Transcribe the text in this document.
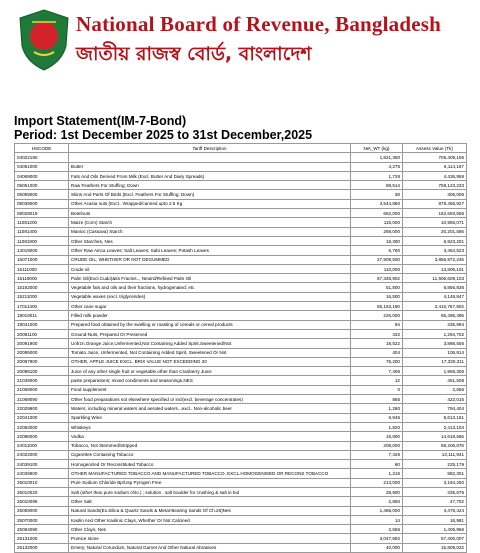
National Board of Revenue, Bangladesh
জাতীয় রাজস্ব বোর্ড, বাংলাদেশ
Import Statement(IM-7-Bond)
Period: 1st December 2025 to 31st December,2025
HSCODE	Tariff Description	Net_WT (kg)	Assess Value (Tk)
04022190		1,821,350	706,409,106
04051000	Butter	4,275	6,114,167
04069000	Fats And Oils Derived From Milk (Excl. Butter And Dairy Spreads)	1,728	4,436,958
05051000	Raw Feathers For Stuffing; Down	88,514	758,123,233
05059000	Skins And Parts Of Birds (Excl. Feathers For Stuffing; Down)	38	306,006
08039000	Other Acasia nuts (Excl.. Wrapped/canned upto 2.5 Kg	3,544,860	875,466,927
08029019	Betelnuts	662,000	162,693,556
11081200	Maize (Corn) Starch	115,000	10,955,071
11081400	Manioc (Cassava) Starch	268,000	20,201,566
11081900	Other Starches, Nes	18,300	6,923,201
14019000	Other Raw Ainca Leaves; Salt Leaves; Sabi Leaves; Potash Leaves	6,760	3,464,523
15071000	CRUDE OIL, WHETHER OR NOT DEGUMMED	27,909,500	3,856,972,245
15111000	Crude oil	110,000	13,806,101
15119000	Palm Oil(Excl.Cudo)&its Fractns.., Neutrd/Refined Palm Oil	67,348,902	11,606,609,103
15162000	Vegetable fats and oils and their fractions, hydrogenated; etc	51,800	6,856,836
15211000	Vegetable waxes (excl. triglycerides)	16,500	4,148,847
17011400	Other cane sugar	65,153,180	3,415,767,802
19019011	Filled milk powder	226,000	65,495,495
19041000	Prepared food obtained by the swelling or roasting of cereals or cereal products	94	335,994
20081100	Ground-Nuts, Prepared Or Preserved	432	1,294,702
20091900	Unfrzn.Orange Juice,Unfermented,Not Containing Added Spirit,Sweetened/Not	18,522	3,886,556
20095000	Tomato Juice, Unfermented, Not Containing Added Spirit, Sweetened Or Not	404	106,914
20097900	OTHER, APPLE JUICE EXCL. BRIX VALUE NOT EXCEEDING 20	76,200	17,330,311
20098100	Juice of any other single fruit or vegetable other than Cranberry Juice	7,406	1,958,306
21039000	paste preparations; mixed condiments and seasonings,NES	12	451,508
21069000	Food supplement	0	2,656
21069090	Other food preparations not elsewhere specified or incl(excl. beverage concentrates)	856	422,015
22029900	Waters, including mineral waters and aerated waters...excl.. Non-alcoholic beer	1,260	794,404
22041000	Sparkling Wine	6,945	5,613,161
22083000	Whiskeys	1,820	2,413,104
22086000	Vodka	16,800	14,618,566
24011000	Tobacco, Not Stemmed/Stripped	208,000	58,206,876
24022000	Cigarettes Containing Tobacco	7,426	13,111,941
24039100	Homogenized Or Reconstituted Tobacco	60	225,179
24039900	OTHER MANUFACTURED TOBACCO AND MANUFACTURED TOBACCO, EXCL.HOMOGENISED OR RECONS TOBACCO	1,216	882,301
25010010	Pure Sodium Chloride Bp/Usp Pyrogen Free	213,000	3,194,250
25010020	Salt (other than pure sodium chlo.) ; solution , salt boulder for crushing & salt in bul	28,900	335,675
25010099	Other Salt	2,850	47,702
25059000	Natural Sands(Ex.Silica & Quartz Sands & Metal-Bearing Sands Of Ch.26)Nes	1,466,000	4,476,424
25070000	Kaolin And Other Kaolinic Clays, Whether Or Not Calcined	14	16,981
25084090	Other Clays, Nes	2,556	1,406,966
25131000	Pumice stone	3,047,682	57,400,007
25132000	Emery; Natural Corundum, Natural Garnet And Other Natural Abrasives	40,000	15,809,022
